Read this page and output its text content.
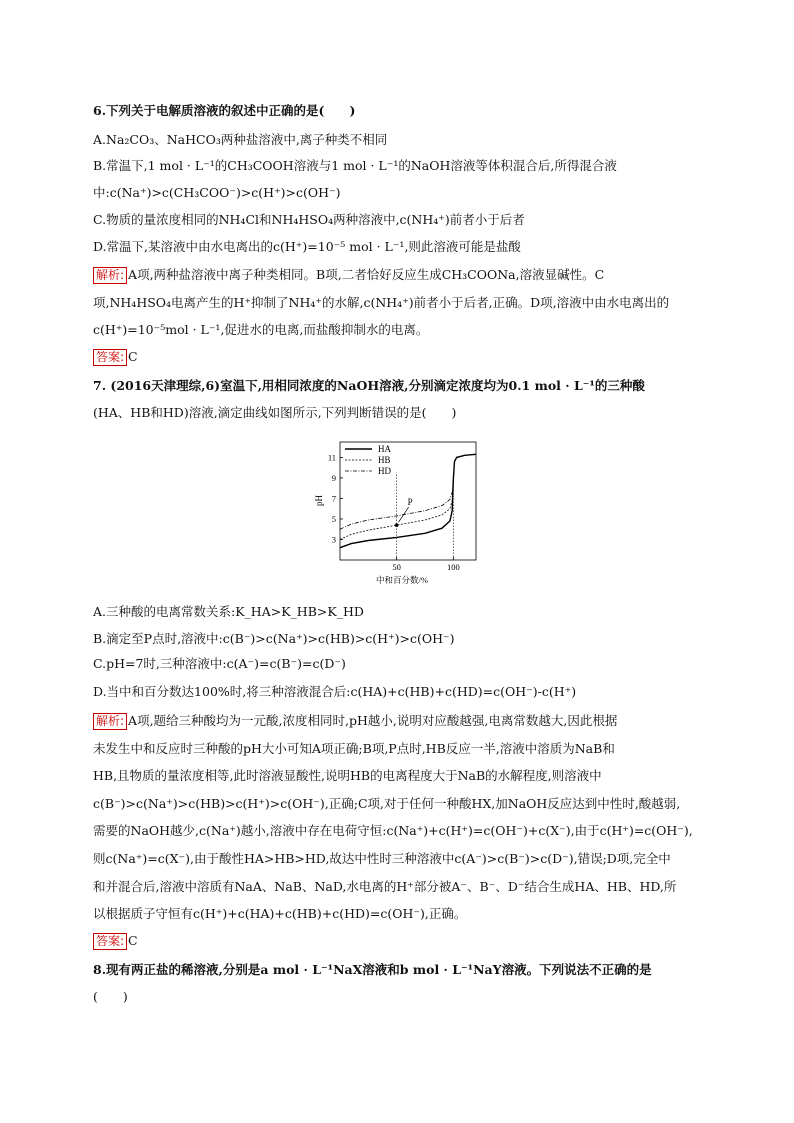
6.下列关于电解质溶液的叙述中正确的是(　　)
A.Na₂CO₃、NaHCO₃两种盐溶液中,离子种类不相同
B.常温下,1 mol · L⁻¹的CH₃COOH溶液与1 mol · L⁻¹的NaOH溶液等体积混合后,所得混合液
中:c(Na⁺)>c(CH₃COO⁻)>c(H⁺)>c(OH⁻)
C.物质的量浓度相同的NH₄Cl和NH₄HSO₄两种溶液中,c(NH₄⁺)前者小于后者
D.常温下,某溶液中由水电离出的c(H⁺)=10⁻⁵ mol · L⁻¹,则此溶液可能是盐酸
解析: A项,两种盐溶液中离子种类相同。B项,二者恰好反应生成CH₃COONa,溶液显碱性。C
项,NH₄HSO₄电离产生的H⁺抑制了NH₄⁺的水解,c(NH₄⁺)前者小于后者,正确。D项,溶液中由水电离出的
c(H⁺)=10⁻⁵mol · L⁻¹,促进水的电离,而盐酸抑制水的电离。
答案: C
7. (2016天津理综,6)室温下,用相同浓度的NaOH溶液,分别滴定浓度均为0.1 mol · L⁻¹的三种酸
(HA、HB和HD)溶液,滴定曲线如图所示,下列判断错误的是(　　)
3
5
7
9
11
50	100
P
HA
HB
HD
pH
中和百分数/%
A.三种酸的电离常数关系:K_HA>K_HB>K_HD
B.滴定至P点时,溶液中:c(B⁻)>c(Na⁺)>c(HB)>c(H⁺)>c(OH⁻)
C.pH=7时,三种溶液中:c(A⁻)=c(B⁻)=c(D⁻)
D.当中和百分数达100%时,将三种溶液混合后:c(HA)+c(HB)+c(HD)=c(OH⁻)-c(H⁺)
解析: A项,题给三种酸均为一元酸,浓度相同时,pH越小,说明对应酸越强,电离常数越大,因此根据
未发生中和反应时三种酸的pH大小可知A项正确;B项,P点时,HB反应一半,溶液中溶质为NaB和
HB,且物质的量浓度相等,此时溶液显酸性,说明HB的电离程度大于NaB的水解程度,则溶液中
c(B⁻)>c(Na⁺)>c(HB)>c(H⁺)>c(OH⁻),正确;C项,对于任何一种酸HX,加NaOH反应达到中性时,酸越弱,
需要的NaOH越少,c(Na⁺)越小,溶液中存在电荷守恒:c(Na⁺)+c(H⁺)=c(OH⁻)+c(X⁻),由于c(H⁺)=c(OH⁻),
则c(Na⁺)=c(X⁻),由于酸性HA>HB>HD,故达中性时三种溶液中c(A⁻)>c(B⁻)>c(D⁻),错误;D项,完全中
和并混合后,溶液中溶质有NaA、NaB、NaD,水电离的H⁺部分被A⁻、B⁻、D⁻结合生成HA、HB、HD,所
以根据质子守恒有c(H⁺)+c(HA)+c(HB)+c(HD)=c(OH⁻),正确。
答案: C
8.现有两正盐的稀溶液,分别是a mol · L⁻¹NaX溶液和b mol · L⁻¹NaY溶液。下列说法不正确的是
(　　)
